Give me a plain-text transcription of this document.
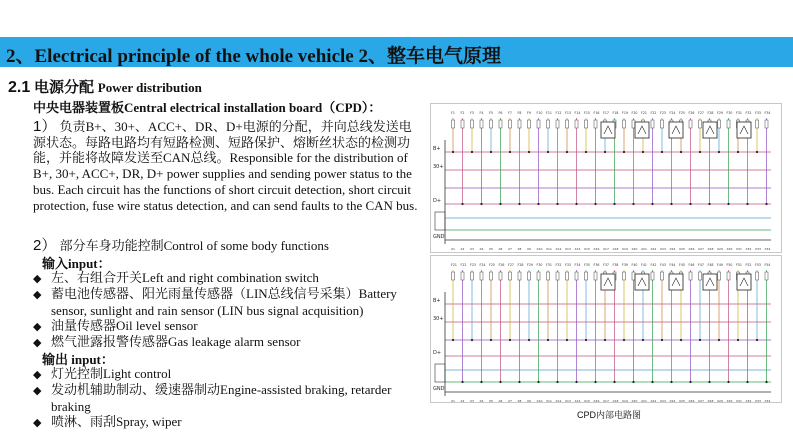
2、Electrical principle of the whole vehicle 2、整车电气原理
2.1 电源分配 Power distribution
中央电器装置板Central electrical installation board（CPD）：
1） 负责B+、30+、ACC+、DR、D+电源的分配，并向总线发送电源状态。每路电路均有短路检测、短路保护、熔断丝状态的检测功能，并能将故障发送至CAN总线。Responsible for the distribution of B+, 30+, ACC+, DR, D+ power supplies and sending power status to the bus. Each circuit has the functions of short circuit detection, short circuit protection, fuse wire status detection, and can send faults to the CAN bus.
2） 部分车身功能控制Control of some body functions
输入input：
◆ 左、右组合开关Left and right combination switch
◆ 蓄电池传感器、阳光雨量传感器（LIN总线信号采集）Battery sensor, sunlight and rain sensor (LIN bus signal acquisition)
◆ 油量传感器Oil level sensor
◆ 燃气泄露报警传感器Gas leakage alarm sensor
输出 input：
◆ 灯光控制Light control
◆ 发动机辅助制动、缓速器制动Engine-assisted braking, retarder braking
◆ 喷淋、雨刮Spray, wiper
B+
30+
D+
GND
F1
X1
F2
X2
F3
X3
F4
X4
F5
X5
F6
X6
F7
X7
F8
X8
F9
X9
F10
X10
F11
X11
F12
X12
F13
X13
F14
X14
F15
X15
F16
X16
F17
X17
F18
X18
F19
X19
F20
X20
F21
X21
F22
X22
F23
X23
F24
X24
F25
X25
F26
X26
F27
X27
F28
X28
F29
X29
F30
X30
F31
X31
F32
X32
F33
X33
F34
X34
B+
30+
D+
GND
F21
X1
F22
X2
F23
X3
F24
X4
F25
X5
F26
X6
F27
X7
F28
X8
F29
X9
F30
X10
F31
X11
F32
X12
F33
X13
F34
X14
F35
X15
F36
X16
F37
X17
F38
X18
F39
X19
F40
X20
F41
X21
F42
X22
F43
X23
F44
X24
F45
X25
F46
X26
F47
X27
F48
X28
F49
X29
F50
X30
F51
X31
F52
X32
F53
X33
F54
X34
CPD内部电路图
